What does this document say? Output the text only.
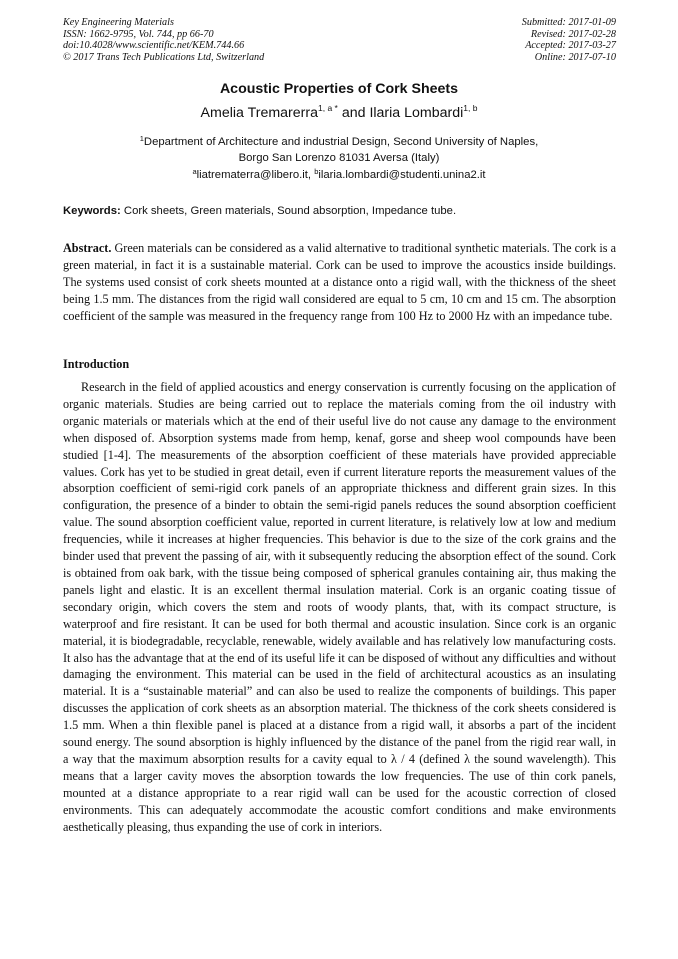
Key Engineering Materials
ISSN: 1662-9795, Vol. 744, pp 66-70
doi:10.4028/www.scientific.net/KEM.744.66
© 2017 Trans Tech Publications Ltd, Switzerland
Submitted: 2017-01-09
Revised: 2017-02-28
Accepted: 2017-03-27
Online: 2017-07-10
Acoustic Properties of Cork Sheets
Amelia Tremarerra$^{1, a *}$ and Ilaria Lombardi$^{1, b}$
$^1$Department of Architecture and industrial Design, Second University of Naples,
Borgo San Lorenzo 81031 Aversa (Italy)
$^a$liatrematerra@libero.it, $^b$ilaria.lombardi@studenti.unina2.it
Keywords: Cork sheets, Green materials, Sound absorption, Impedance tube.
Abstract. Green materials can be considered as a valid alternative to traditional synthetic materials. The cork is a green material, in fact it is a sustainable material. Cork can be used to improve the acoustics inside buildings. The systems used consist of cork sheets mounted at a distance onto a rigid wall, with the thickness of the sheet being 1.5 mm. The distances from the rigid wall considered are equal to 5 cm, 10 cm and 15 cm. The absorption coefficient of the sample was measured in the frequency range from 100 Hz to 2000 Hz with an impedance tube.
Introduction
Research in the field of applied acoustics and energy conservation is currently focusing on the application of organic materials. Studies are being carried out to replace the materials coming from the oil industry with organic materials or materials which at the end of their useful live do not cause any damage to the environment when disposed of. Absorption systems made from hemp, kenaf, gorse and sheep wool compounds have been studied [1-4]. The measurements of the absorption coefficient of these materials have provided appreciable values. Cork has yet to be studied in great detail, even if current literature reports the measurement values of the absorption coefficient of semi-rigid cork panels of an appropriate thickness and different grain sizes. In this configuration, the presence of a binder to obtain the semi-rigid panels reduces the sound absorption coefficient value. The sound absorption coefficient value, reported in current literature, is relatively low at low and medium frequencies, while it increases at higher frequencies. This behavior is due to the size of the cork grains and the binder used that prevent the passing of air, with it subsequently reducing the absorption effect of the sound. Cork is obtained from oak bark, with the tissue being composed of spherical granules containing air, thus making the panels light and elastic. It is an excellent thermal insulation material. Cork is an organic coating tissue of secondary origin, which covers the stem and roots of woody plants, that, with its compact structure, is waterproof and fire resistant. It can be used for both thermal and acoustic insulation. Since cork is an organic material, it is biodegradable, recyclable, renewable, widely available and has relatively low manufacturing costs. It also has the advantage that at the end of its useful life it can be disposed of without any difficulties and without damaging the environment. This material can be used in the field of architectural acoustics as an insulating material. It is a “sustainable material” and can also be used to realize the components of buildings. This paper discusses the application of cork sheets as an absorption material. The thickness of the cork sheets considered is 1.5 mm. When a thin flexible panel is placed at a distance from a rigid wall, it absorbs a part of the incident sound energy. The sound absorption is highly influenced by the distance of the panel from the rigid rear wall, in a way that the maximum absorption results for a cavity equal to λ / 4 (defined λ the sound wavelength). This means that a larger cavity moves the absorption towards the low frequencies. The use of thin cork panels, mounted at a distance appropriate to a rear rigid wall can be used for the acoustic correction of closed environments. This can adequately accommodate the acoustic comfort conditions and make environments aesthetically pleasing, thus expanding the use of cork in interiors.
